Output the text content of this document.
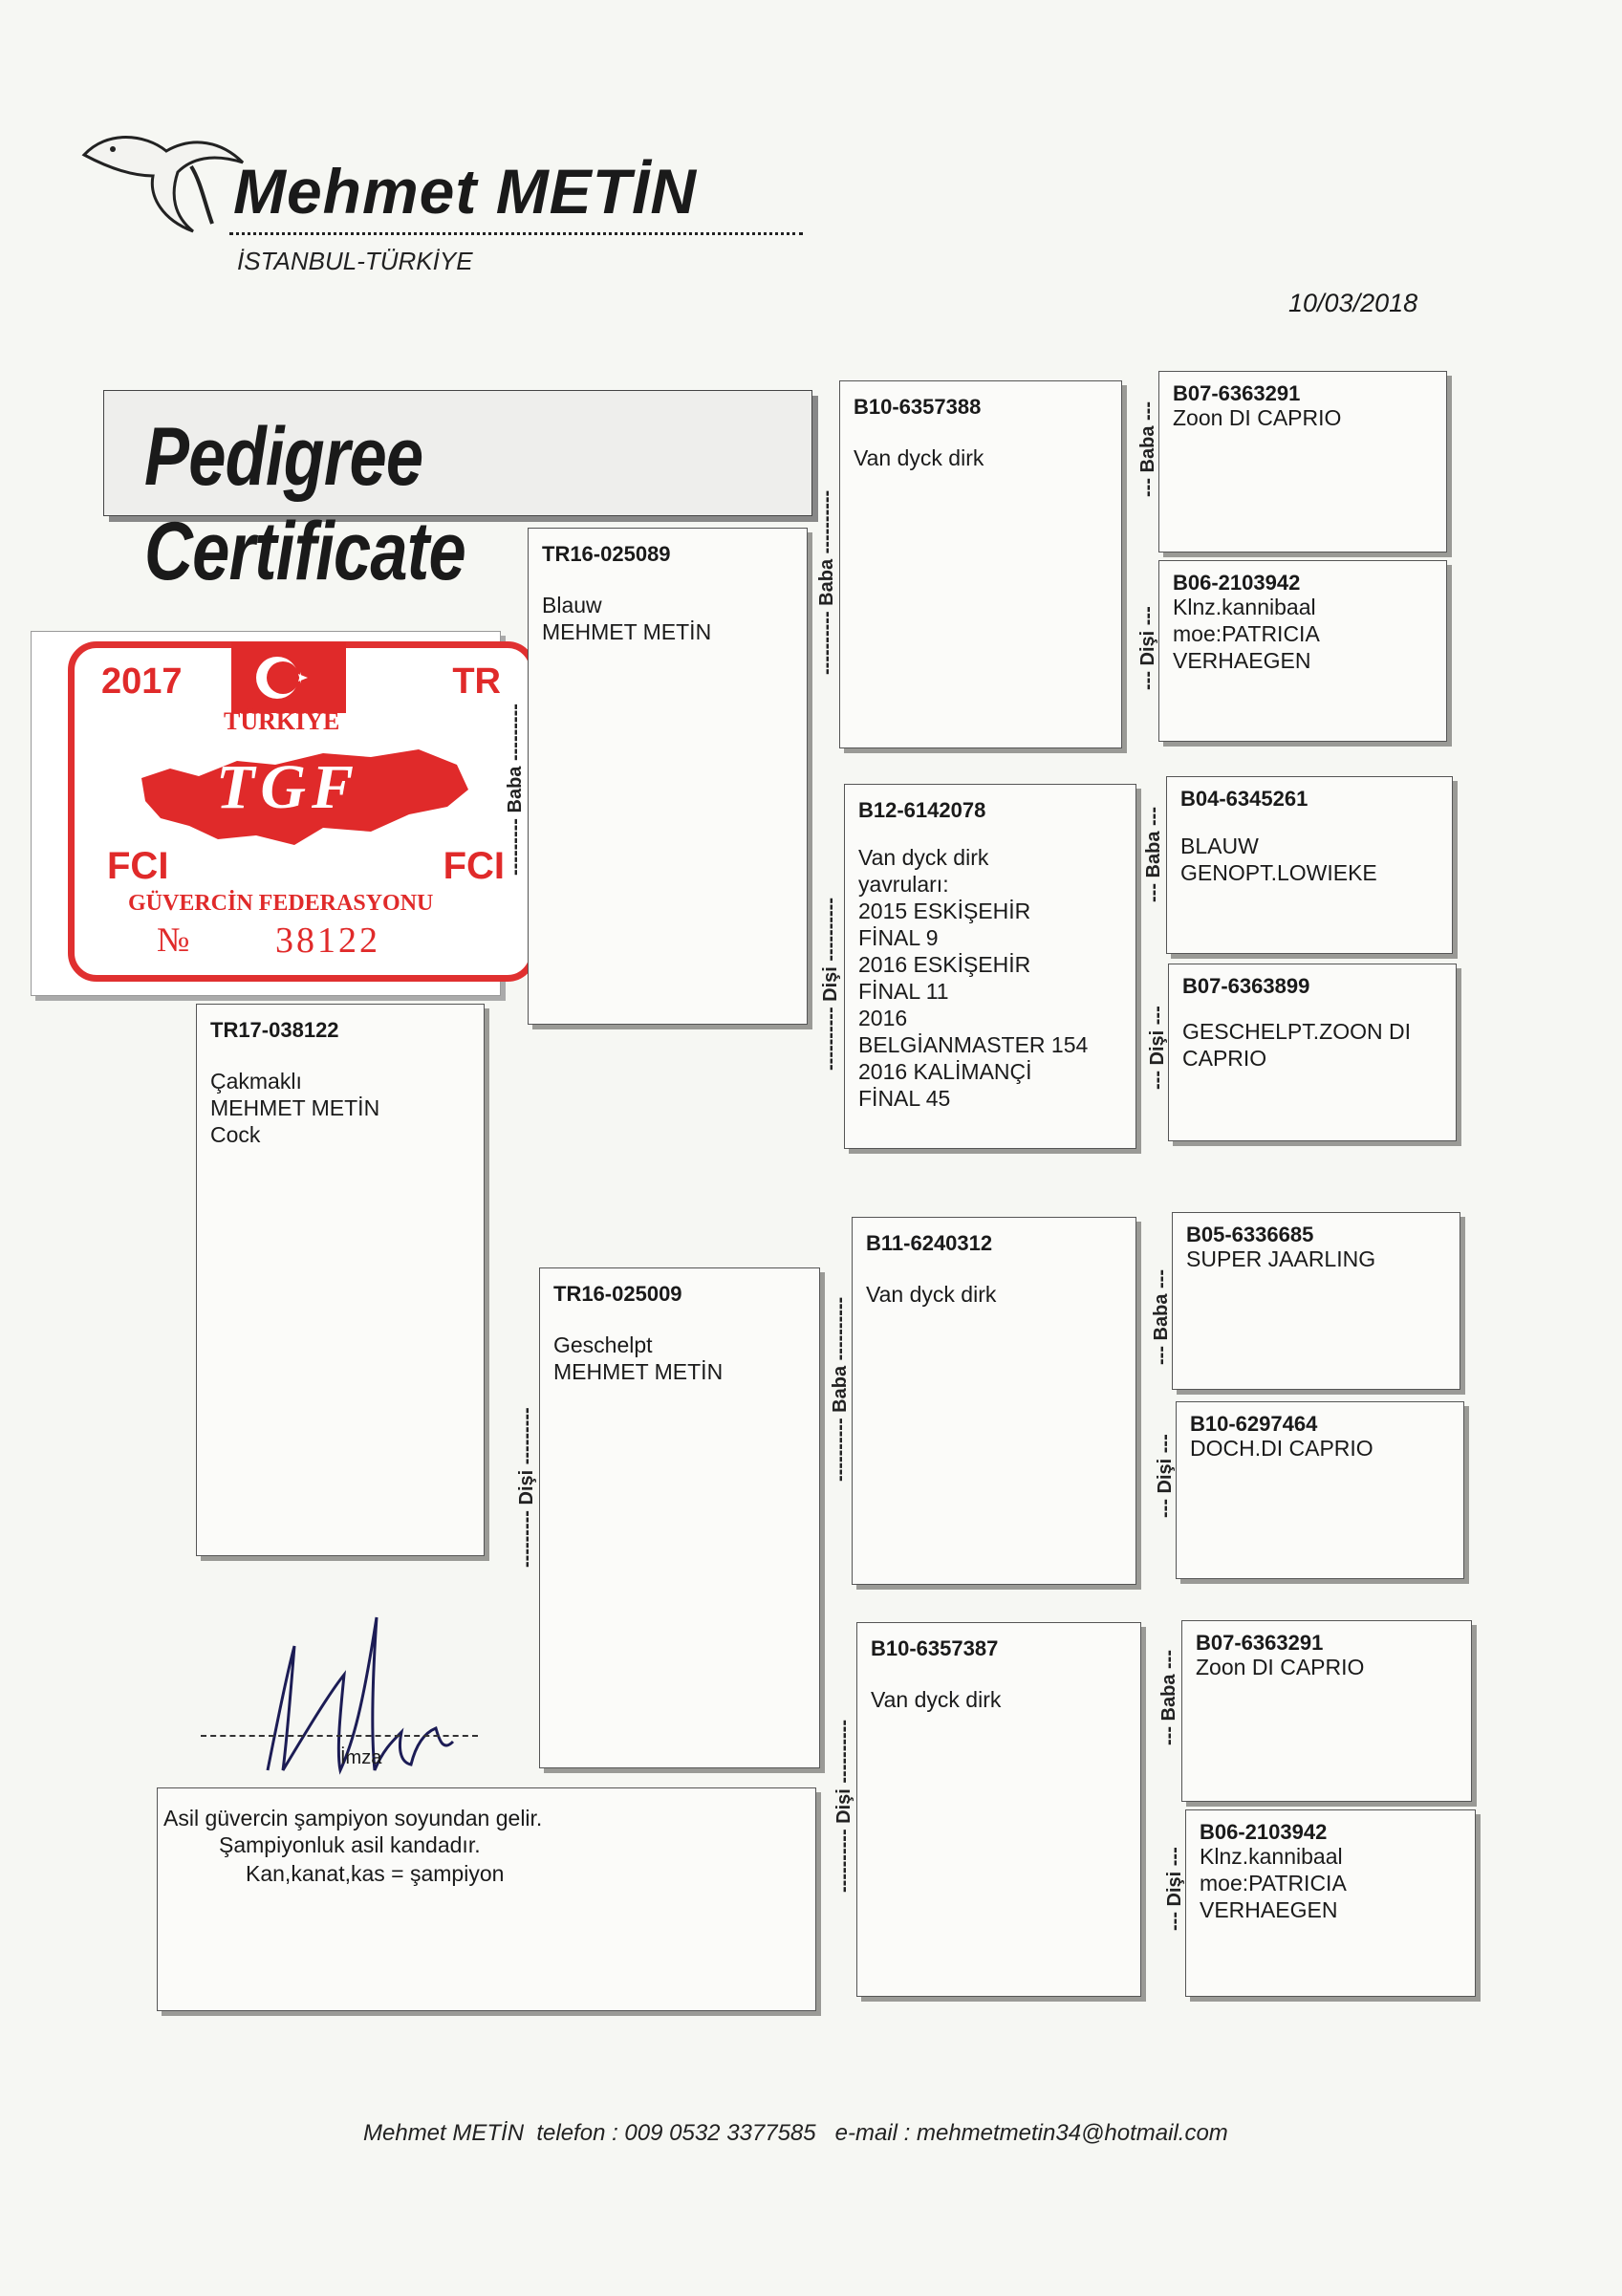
Mehmet METİN
İSTANBUL-TÜRKİYE
10/03/2018
Pedigree Certificate
2017	TR
TÜRKİYE
TGF
FCI	FCI
GÜVERCİN FEDERASYONU
№ 38122
TR17-038122
Çakmaklı
MEHMET METİN
Cock
TR16-025089
Blauw
MEHMET METİN
--------- Baba ---------
TR16-025009
Geschelpt
MEHMET METİN
--------- Dişi ---------
B10-6357388
Van dyck dirk
---------- Baba ----------
B12-6142078
Van dyck dirk
yavruları:
2015 ESKİŞEHİR
FİNAL 9
2016 ESKİŞEHİR
FİNAL 11
2016
BELGİANMASTER 154
2016 KALİMANÇİ
FİNAL 45
---------- Dişi ----------
B11-6240312
Van dyck dirk
---------- Baba ----------
B10-6357387
Van dyck dirk
---------- Dişi ----------
B07-6363291
Zoon DI CAPRIO
--- Baba ---
B06-2103942
Klnz.kannibaal
moe:PATRICIA
VERHAEGEN
--- Dişi ---
B04-6345261
BLAUW
GENOPT.LOWIEKE
--- Baba ---
B07-6363899
GESCHELPT.ZOON DI
CAPRIO
--- Dişi ---
B05-6336685
SUPER JAARLING
--- Baba ---
B10-6297464
DOCH.DI CAPRIO
--- Dişi ---
B07-6363291
Zoon DI CAPRIO
--- Baba ---
B06-2103942
Klnz.kannibaal
moe:PATRICIA
VERHAEGEN
--- Dişi ---
İmza
Asil güvercin şampiyon soyundan gelir.
Şampiyonluk asil kandadır.
Kan,kanat,kas = şampiyon
Mehmet METİN  telefon : 009 0532 3377585   e-mail : mehmetmetin34@hotmail.com
